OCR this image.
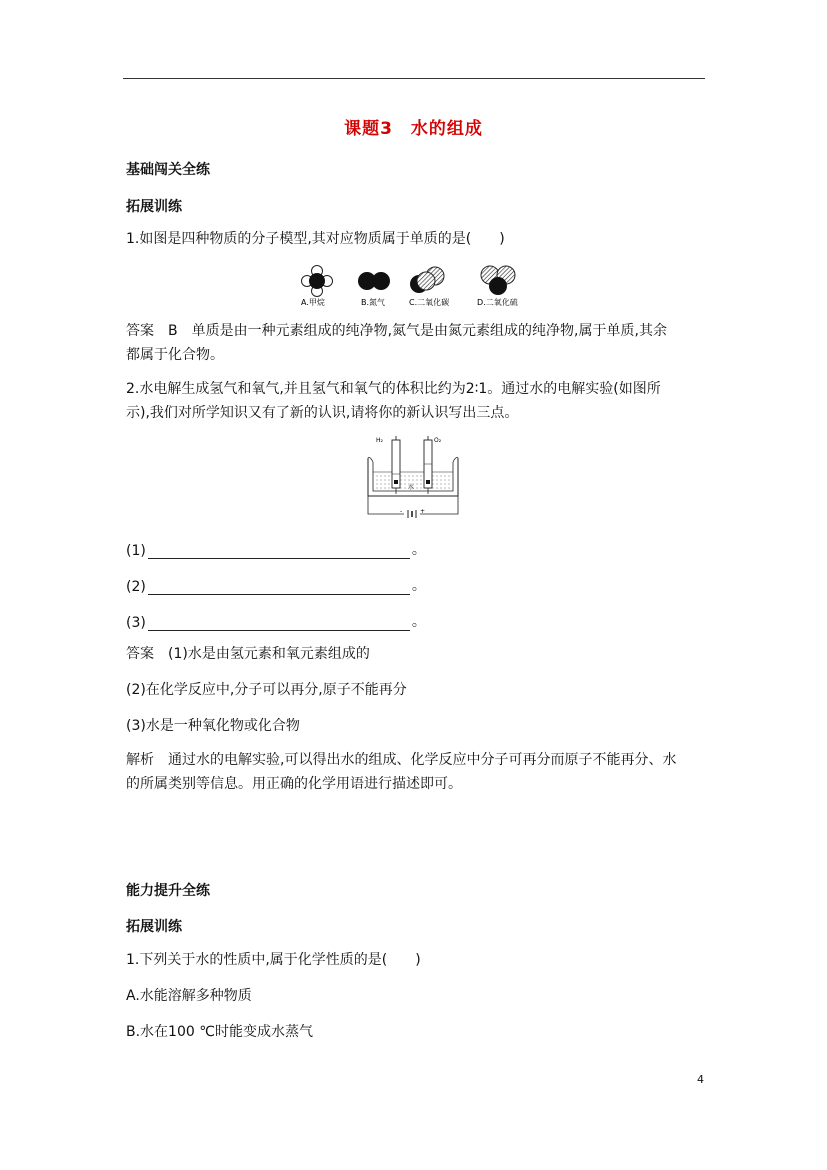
课题3　水的组成
基础闯关全练
拓展训练
1.如图是四种物质的分子模型,其对应物质属于单质的是(　　)
A.甲烷	B.氮气	C.二氧化碳	D.二氧化硫
答案　B　单质是由一种元素组成的纯净物,氮气是由氮元素组成的纯净物,属于单质,其余
都属于化合物。
2.水电解生成氢气和氧气,并且氢气和氧气的体积比约为2∶1。通过水的电解实验(如图所
示),我们对所学知识又有了新的认识,请将你的新认识写出三点。
H₂	O₂
水
-	+
(1)	。
(2)	。
(3)	。
答案　(1)水是由氢元素和氧元素组成的
(2)在化学反应中,分子可以再分,原子不能再分
(3)水是一种氧化物或化合物
解析　通过水的电解实验,可以得出水的组成、化学反应中分子可再分而原子不能再分、水
的所属类别等信息。用正确的化学用语进行描述即可。
能力提升全练
拓展训练
1.下列关于水的性质中,属于化学性质的是(　　)
A.水能溶解多种物质
B.水在100 ℃时能变成水蒸气
4
